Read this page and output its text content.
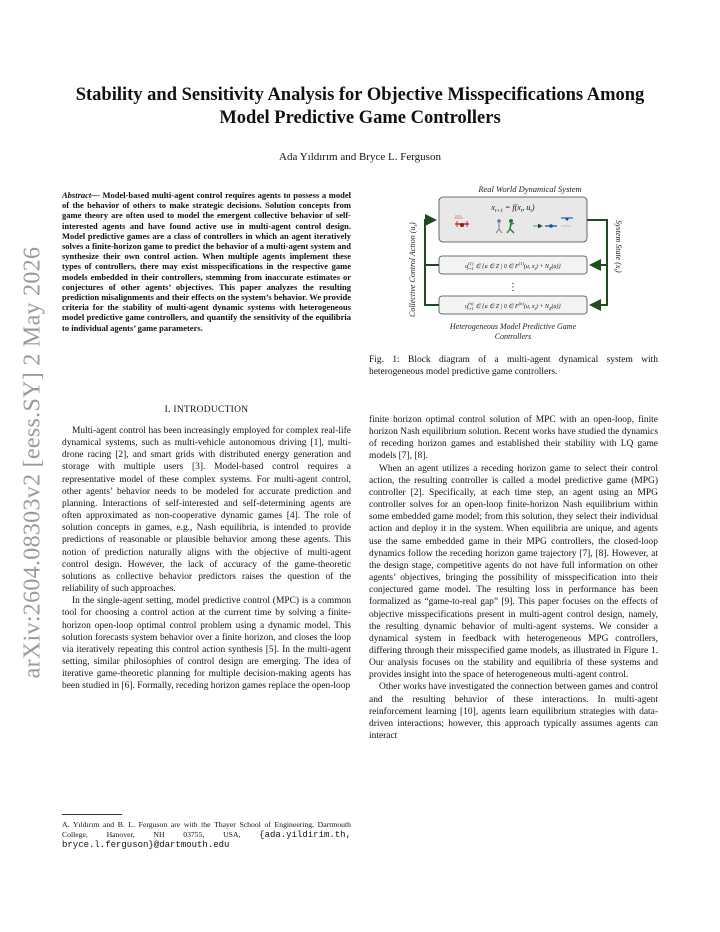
arXiv:2604.08303v2 [eess.SY] 2 May 2026
Stability and Sensitivity Analysis for Objective Misspecifications Among
Model Predictive Game Controllers
Ada Yıldırım and Bryce L. Ferguson
Abstract— Model-based multi-agent control requires agents to possess a model of the behavior of others to make strategic decisions. Solution concepts from game theory are often used to model the emergent collective behavior of self-interested agents and have found active use in multi-agent control design. Model predictive games are a class of controllers in which an agent iteratively solves a finite-horizon game to predict the behavior of a multi-agent system and synthesize their own control action. When multiple agents implement these types of controllers, there may exist misspecifications in the respective game models embedded in their controllers, stemming from inaccurate estimates or conjectures of other agents’ objectives. This paper analyzes the resulting prediction misalignments and their effects on the system’s behavior. We provide criteria for the stability of multi-agent dynamic systems with heterogeneous model predictive game controllers, and quantify the sensitivity of the equilibria to individual agents’ game parameters.
I. INTRODUCTION

Multi-agent control has been increasingly employed for complex real-life dynamical systems, such as multi-vehicle autonomous driving [1], multi-drone racing [2], and smart grids with distributed energy generation and storage with multiple users [3]. Model-based control requires a representative model of these complex systems. For multi-agent control, other agents’ behavior needs to be modeled for accurate prediction and planning. Interactions of self-interested and self-determining agents are often approximated as non-cooperative dynamic games [4]. The role of solution concepts in games, e.g., Nash equilibria, is intended to provide predictions of reasonable or plausible behavior among these agents. This notion of prediction naturally aligns with the objective of multi-agent control design. However, the lack of accuracy of the game-theoretic solutions as collective behavior predictors raises the question of the reliability of such approaches.

In the single-agent setting, model predictive control (MPC) is a common tool for choosing a control action at the current time by solving a finite-horizon open-loop optimal control problem using a dynamic model. This solution forecasts system behavior over a finite horizon, and closes the loop via iteratively repeating this control action synthesis [5]. In the multi-agent setting, similar philosophies of control design are emerging. The idea of iterative game-theoretic planning for multiple decision-making agents has been studied in [6]. Formally, receding horizon games replace the open-loop

A. Yıldırım and B. L. Ferguson are with the Thayer School of Engineering, Dartmouth College, Hanover, NH 03755, USA, {ada.yildirim.th, bryce.l.ferguson}@dartmouth.edu
Real World Dynamical System
$x_{t+1} = f(x_t$, $u_t$)
$u^{(1)}$ t+1 ∈ {u ∈ Z | 0 ∈ $F^{(1)}(u$, $x_t) + N_Z(u)$}
⋮
$u^{(n)}$ t+1 ∈ {u ∈ Z | 0 ∈ $F^{(n)}(u$, $x_t) + N_Z(u)$}
Collective Control Action $(u_t)$	System State $(x_t)$
Heterogeneous Model Predictive Game
Controllers
Fig. 1: Block diagram of a multi-agent dynamical system with heterogeneous model predictive game controllers.

finite horizon optimal control solution of MPC with an open-loop, finite horizon Nash equilibrium solution. Recent works have studied the dynamics of receding horizon games and established their stability with LQ game models [7], [8].

When an agent utilizes a receding horizon game to select their control action, the resulting controller is called a model predictive game (MPG) controller [2]. Specifically, at each time step, an agent using an MPG controller solves for an open-loop finite-horizon Nash equilibrium within some embedded game model; from this solution, they select their individual action and deploy it in the system. When equilibria are unique, and agents use the same embedded game in their MPG controllers, the closed-loop dynamics follow the receding horizon game trajectory [7], [8]. However, at the design stage, competitive agents do not have full information on other agents’ objectives, bringing the possibility of misspecification into their conjectured game model. The resulting loss in performance has been formalized as “game-to-real gap” [9]. This paper focuses on the effects of objective misspecifications present in multi-agent control design, namely, the resulting dynamic behavior of multi-agent systems. We consider a dynamical system in feedback with heterogeneous MPG controllers, differing through their misspecified game models, as illustrated in Figure 1. Our analysis focuses on the stability and equilibria of these systems and provides insight into the space of heterogeneous multi-agent control.

Other works have investigated the connection between games and control and the resulting behavior of these interactions. In multi-agent reinforcement learning [10], agents learn equilibrium strategies with data-driven interactions; however, this approach typically assumes agents can interact
